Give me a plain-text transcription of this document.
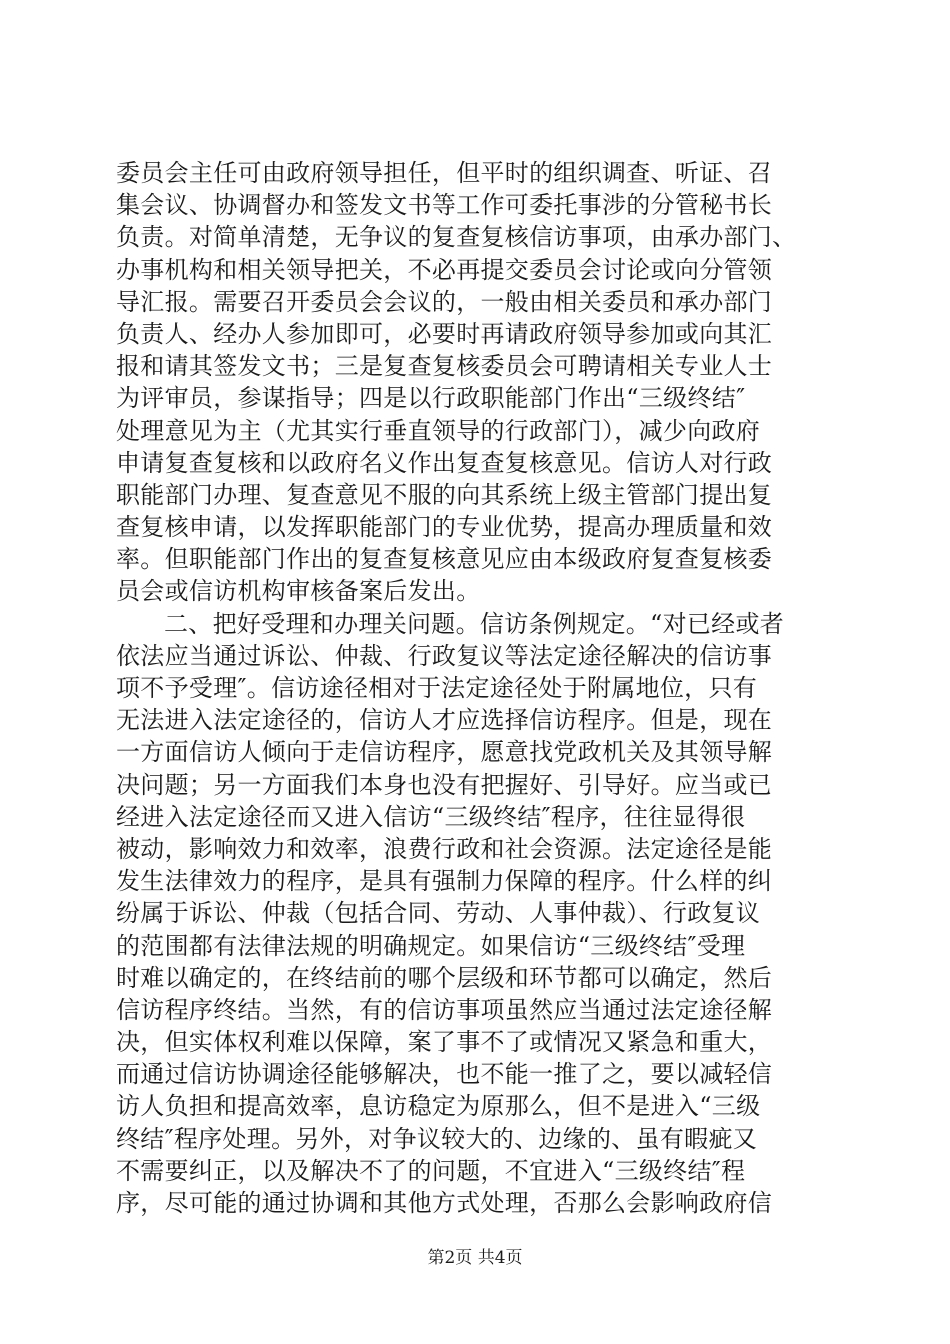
委员会主任可由政府领导担任，但平时的组织调查、听证、召
集会议、协调督办和签发文书等工作可委托事涉的分管秘书长
负责。对简单清楚，无争议的复查复核信访事项，由承办部门、
办事机构和相关领导把关，不必再提交委员会讨论或向分管领
导汇报。需要召开委员会会议的，一般由相关委员和承办部门
负责人、经办人参加即可，必要时再请政府领导参加或向其汇
报和请其签发文书；三是复查复核委员会可聘请相关专业人士
为评审员，参谋指导；四是以行政职能部门作出“三级终结″
处理意见为主（尤其实行垂直领导的行政部门），减少向政府
申请复查复核和以政府名义作出复查复核意见。信访人对行政
职能部门办理、复查意见不服的向其系统上级主管部门提出复
查复核申请，以发挥职能部门的专业优势，提高办理质量和效
率。但职能部门作出的复查复核意见应由本级政府复查复核委
员会或信访机构审核备案后发出。
二、把好受理和办理关问题。信访条例规定。“对已经或者
依法应当通过诉讼、仲裁、行政复议等法定途径解决的信访事
项不予受理″。信访途径相对于法定途径处于附属地位，只有
无法进入法定途径的，信访人才应选择信访程序。但是，现在
一方面信访人倾向于走信访程序，愿意找党政机关及其领导解
决问题；另一方面我们本身也没有把握好、引导好。应当或已
经进入法定途径而又进入信访“三级终结″程序，往往显得很
被动，影响效力和效率，浪费行政和社会资源。法定途径是能
发生法律效力的程序，是具有强制力保障的程序。什么样的纠
纷属于诉讼、仲裁（包括合同、劳动、人事仲裁）、行政复议
的范围都有法律法规的明确规定。如果信访“三级终结″受理
时难以确定的，在终结前的哪个层级和环节都可以确定，然后
信访程序终结。当然，有的信访事项虽然应当通过法定途径解
决，但实体权利难以保障，案了事不了或情况又紧急和重大，
而通过信访协调途径能够解决，也不能一推了之，要以减轻信
访人负担和提高效率，息访稳定为原那么，但不是进入“三级
终结″程序处理。另外，对争议较大的、边缘的、虽有暇疵又
不需要纠正，以及解决不了的问题，不宜进入“三级终结″程
序，尽可能的通过协调和其他方式处理，否那么会影响政府信
第2页 共4页
